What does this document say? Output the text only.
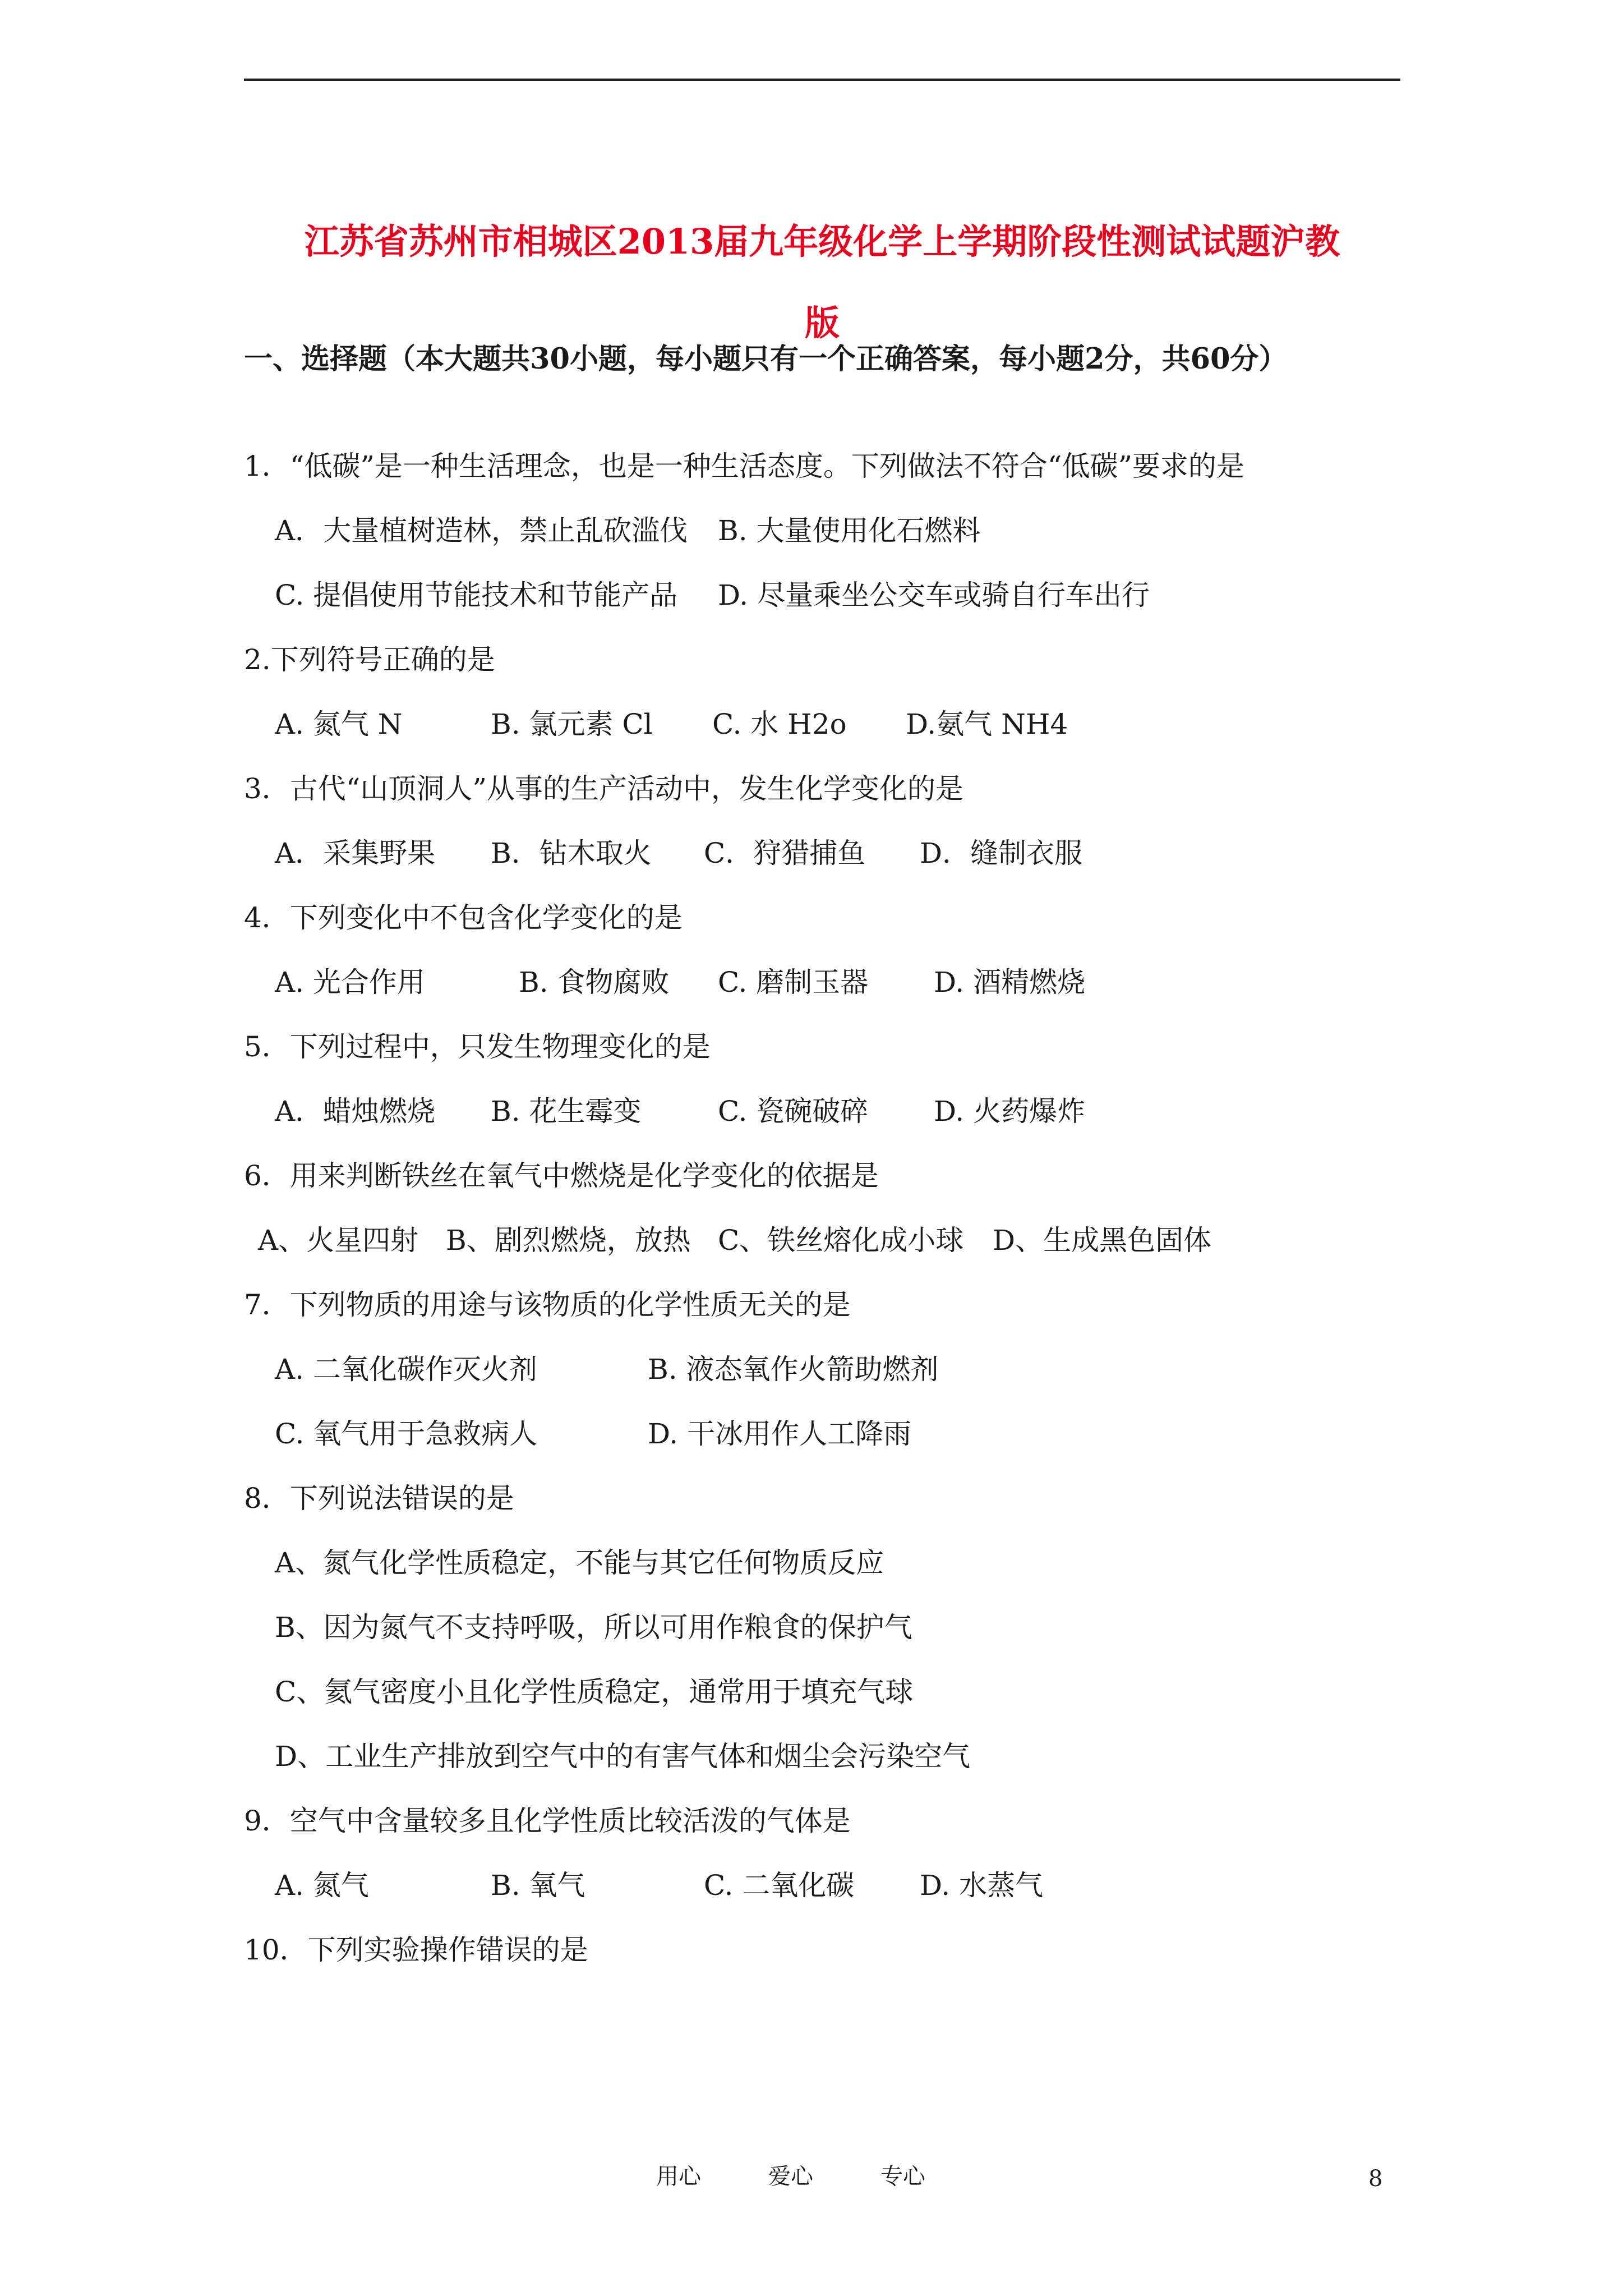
江苏省苏州市相城区2013届九年级化学上学期阶段性测试试题沪教
版
一、选择题（本大题共30小题，每小题只有一个正确答案，每小题2分，共60分）
1．“低碳”是一种生活理念，也是一种生活态度。下列做法不符合“低碳”要求的是
A．大量植树造林，禁止乱砍滥伐 B. 大量使用化石燃料
C. 提倡使用节能技术和节能产品 D. 尽量乘坐公交车或骑自行车出行
2.下列符号正确的是
A. 氮气 N	B. 氯元素 Cl C. 水 H2o D.氨气 NH4
3．古代“山顶洞人”从事的生产活动中，发生化学变化的是
A．采集野果 B．钻木取火 C．狩猎捕鱼 D．缝制衣服
4．下列变化中不包含化学变化的是
A. 光合作用	B. 食物腐败 C. 磨制玉器 D. 酒精燃烧
5．下列过程中，只发生物理变化的是
A．蜡烛燃烧 B. 花生霉变	C. 瓷碗破碎 D. 火药爆炸
6．用来判断铁丝在氧气中燃烧是化学变化的依据是
A、火星四射 B、剧烈燃烧，放热 C、铁丝熔化成小球 D、生成黑色固体
7．下列物质的用途与该物质的化学性质无关的是
A. 二氧化碳作灭火剂	B. 液态氧作火箭助燃剂
C. 氧气用于急救病人	D. 干冰用作人工降雨
8．下列说法错误的是
A、氮气化学性质稳定，不能与其它任何物质反应
B、因为氮气不支持呼吸，所以可用作粮食的保护气
C、氦气密度小且化学性质稳定，通常用于填充气球
D、工业生产排放到空气中的有害气体和烟尘会污染空气
9．空气中含量较多且化学性质比较活泼的气体是
A. 氮气	B. 氧气	C. 二氧化碳 D. 水蒸气
10．下列实验操作错误的是
用心	爱心	专心	8
